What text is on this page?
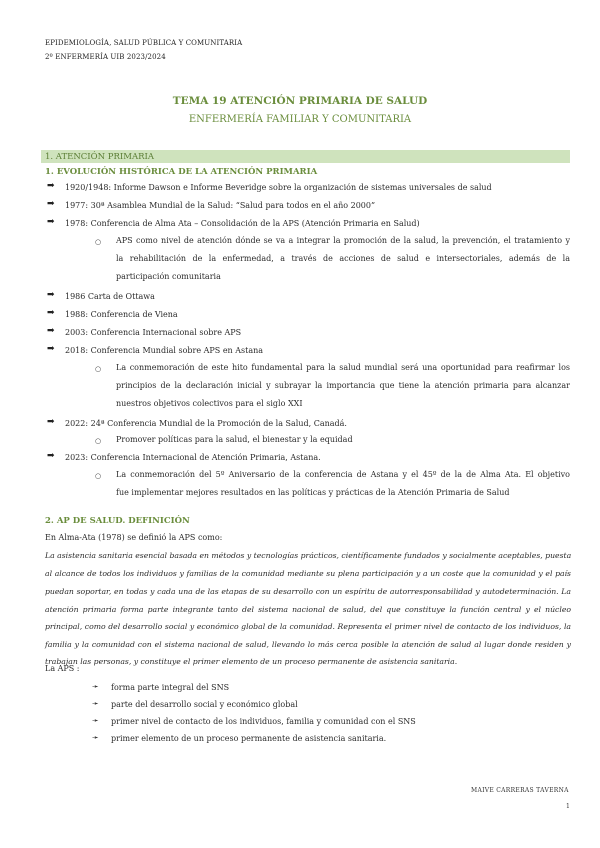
EPIDEMIOLOGÍA, SALUD PÚBLICA Y COMUNITARIA
2º ENFERMERÍA UIB 2023/2024
TEMA 19 ATENCIÓN PRIMARIA DE SALUD
ENFERMERÍA FAMILIAR Y COMUNITARIA
1. ATENCIÓN PRIMARIA
1. EVOLUCIÓN HISTÓRICA DE LA ATENCIÓN PRIMARIA
➡ 1920/1948: Informe Dawson e Informe Beveridge sobre la organización de sistemas universales de salud
➡ 1977: 30ª Asamblea Mundial de la Salud: “Salud para todos en el año 2000”
➡ 1978: Conferencia de Alma Ata – Consolidación de la APS (Atención Primaria en Salud)
○ APS como nivel de atención dónde se va a integrar la promoción de la salud, la prevención, el tratamiento y
la rehabilitación de la enfermedad, a través de acciones de salud e intersectoriales, además de la
participación comunitaria
➡ 1986 Carta de Ottawa
➡ 1988: Conferencia de Viena
➡ 2003: Conferencia Internacional sobre APS
➡ 2018: Conferencia Mundial sobre APS en Astana
○ La conmemoración de este hito fundamental para la salud mundial será una oportunidad para reafirmar los
principios de la declaración inicial y subrayar la importancia que tiene la atención primaria para alcanzar
nuestros objetivos colectivos para el siglo XXI
➡ 2022: 24ª Conferencia Mundial de la Promoción de la Salud, Canadá.
○ Promover políticas para la salud, el bienestar y la equidad
➡ 2023: Conferencia Internacional de Atención Primaria, Astana.
○ La conmemoración del 5º Aniversario de la conferencia de Astana y el 45º de la de Alma Ata. El objetivo
fue implementar mejores resultados en las políticas y prácticas de la Atención Primaria de Salud
2. AP DE SALUD. DEFINICIÓN
En Alma-Ata (1978) se definió la APS como:
La asistencia sanitaria esencial basada en métodos y tecnologías prácticos, científicamente fundados y socialmente aceptables, puesta
al alcance de todos los individuos y familias de la comunidad mediante su plena participación y a un coste que la comunidad y el país
puedan soportar, en todas y cada una de las etapas de su desarrollo con un espíritu de autorresponsabilidad y autodeterminación. La
atención primaria forma parte integrante tanto del sistema nacional de salud, del que constituye la función central y el núcleo
principal, como del desarrollo social y económico global de la comunidad. Representa el primer nivel de contacto de los individuos, la
familia y la comunidad con el sistema nacional de salud, llevando lo más cerca posible la atención de salud al lugar donde residen y
trabajan las personas, y constituye el primer elemento de un proceso permanente de asistencia sanitaria.
La APS :
➛ forma parte integral del SNS
➛ parte del desarrollo social y económico global
➛ primer nivel de contacto de los individuos, familia y comunidad con el SNS
➛ primer elemento de un proceso permanente de asistencia sanitaria.
MAIVE CARRERAS TAVERNA
1
